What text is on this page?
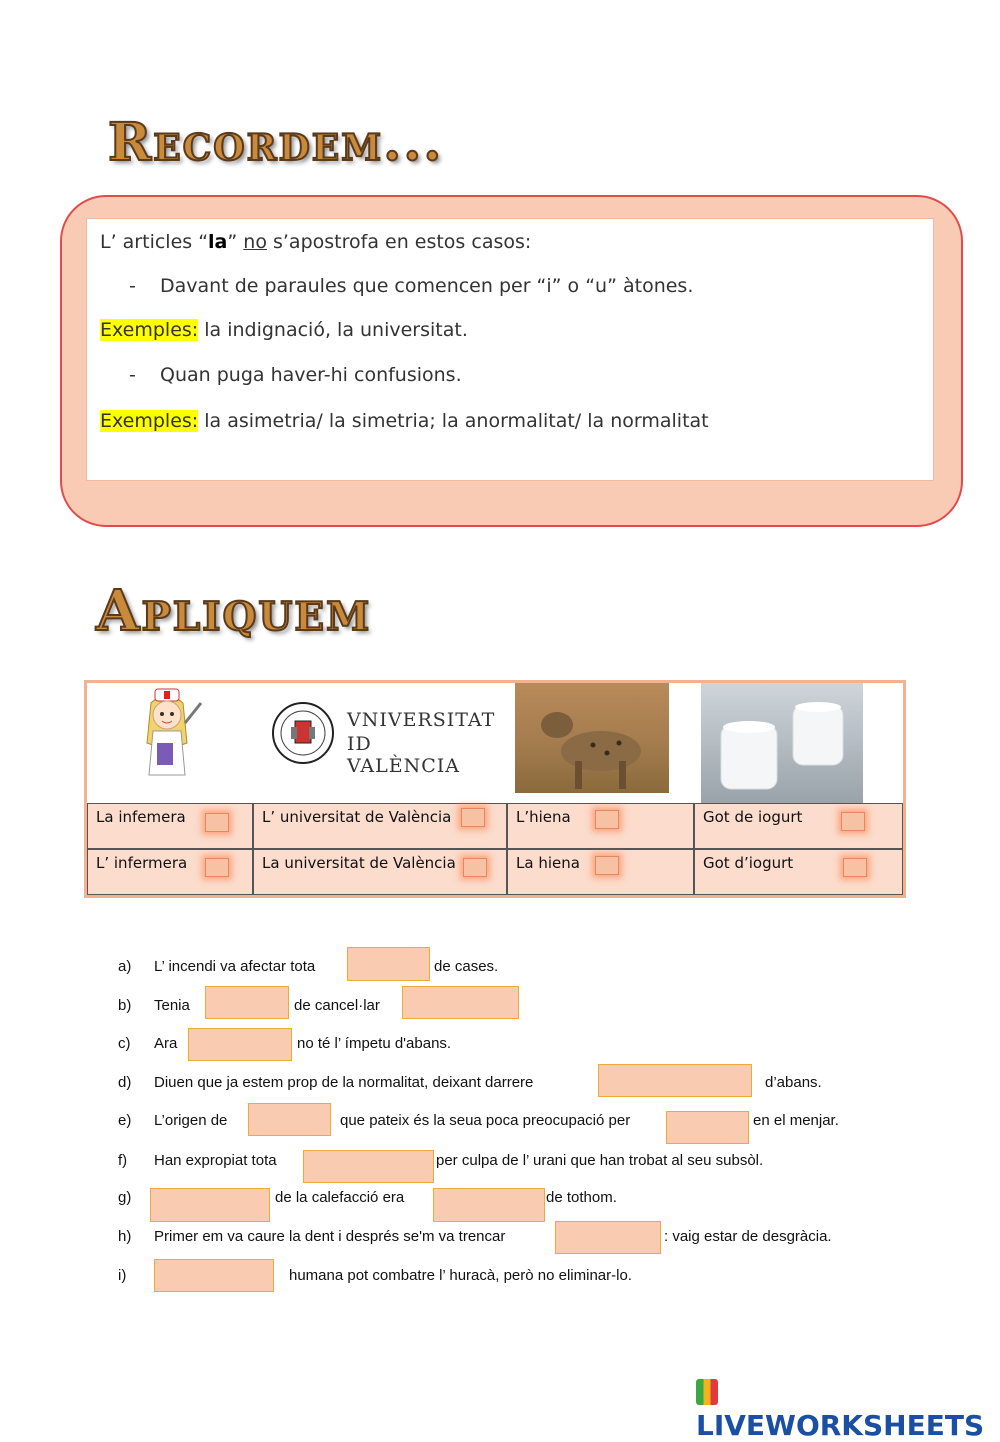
Recordem...
Apliquem
L’ articles “la” no s’apostrofa en estos casos:
- Davant de paraules que comencen per “i” o “u” àtones.
Exemples: la indignació, la universitat.
- Quan puga haver-hi confusions.
Exemples: la asimetria/ la simetria; la anormalitat/ la normalitat
VNIVERSITAT
ID VALÈNCIA
La infemera	L’ universitat de València	L’hiena	Got de iogurt
L’ infermera	La universitat de València	La hiena	Got d’iogurt
a) L’ incendi va afectar tota	de cases.
b) Tenia	de cancel·lar
c) Ara	no té l’ ímpetu d'abans.
d) Diuen que ja estem prop de la normalitat, deixant darrere	d’abans.
e) L’origen de	que pateix és la seua poca preocupació per	en el menjar.
f) Han expropiat tota	per culpa de l’ urani que han trobat al seu subsòl.
g)	de la calefacció era	de tothom.
h) Primer em va caure la dent i després se'm va trencar	: vaig estar de desgràcia.
i)	humana pot combatre l’ huracà, però no eliminar-lo.
LIVEWORKSHEETS
